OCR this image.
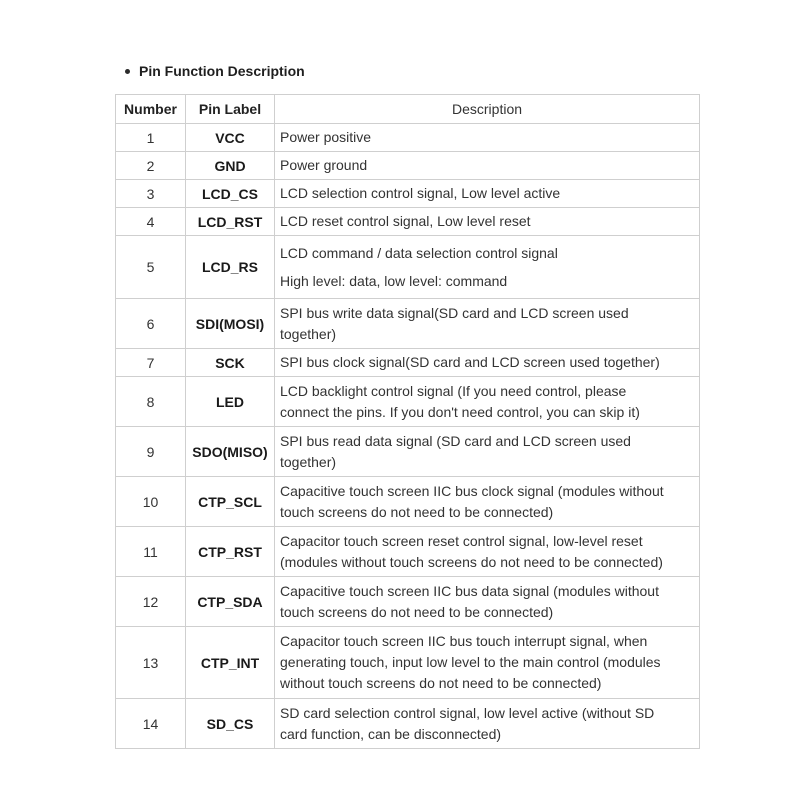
Pin Function Description
Number	Pin Label	Description
1	VCC	Power positive

2	GND	Power ground

3	LCD_CS	LCD selection control signal, Low level active

4	LCD_RST	LCD reset control signal, Low level reset

5	LCD_RS	LCD command / data selection control signal
High level: data, low level: command

6	SDI(MOSI)	SPI bus write data signal(SD card and LCD screen used
together)

7	SCK	SPI bus clock signal(SD card and LCD screen used together)

8	LED	LCD backlight control signal (If you need control, please
connect the pins. If you don't need control, you can skip it)

9	SDO(MISO)	SPI bus read data signal (SD card and LCD screen used
together)

10	CTP_SCL	Capacitive touch screen IIC bus clock signal (modules without
touch screens do not need to be connected)

11	CTP_RST	Capacitor touch screen reset control signal, low-level reset
(modules without touch screens do not need to be connected)

12	CTP_SDA	Capacitive touch screen IIC bus data signal (modules without
touch screens do not need to be connected)

13	CTP_INT	Capacitor touch screen IIC bus touch interrupt signal, when
generating touch, input low level to the main control (modules
without touch screens do not need to be connected)

14	SD_CS	SD card selection control signal, low level active (without SD
card function, can be disconnected)
